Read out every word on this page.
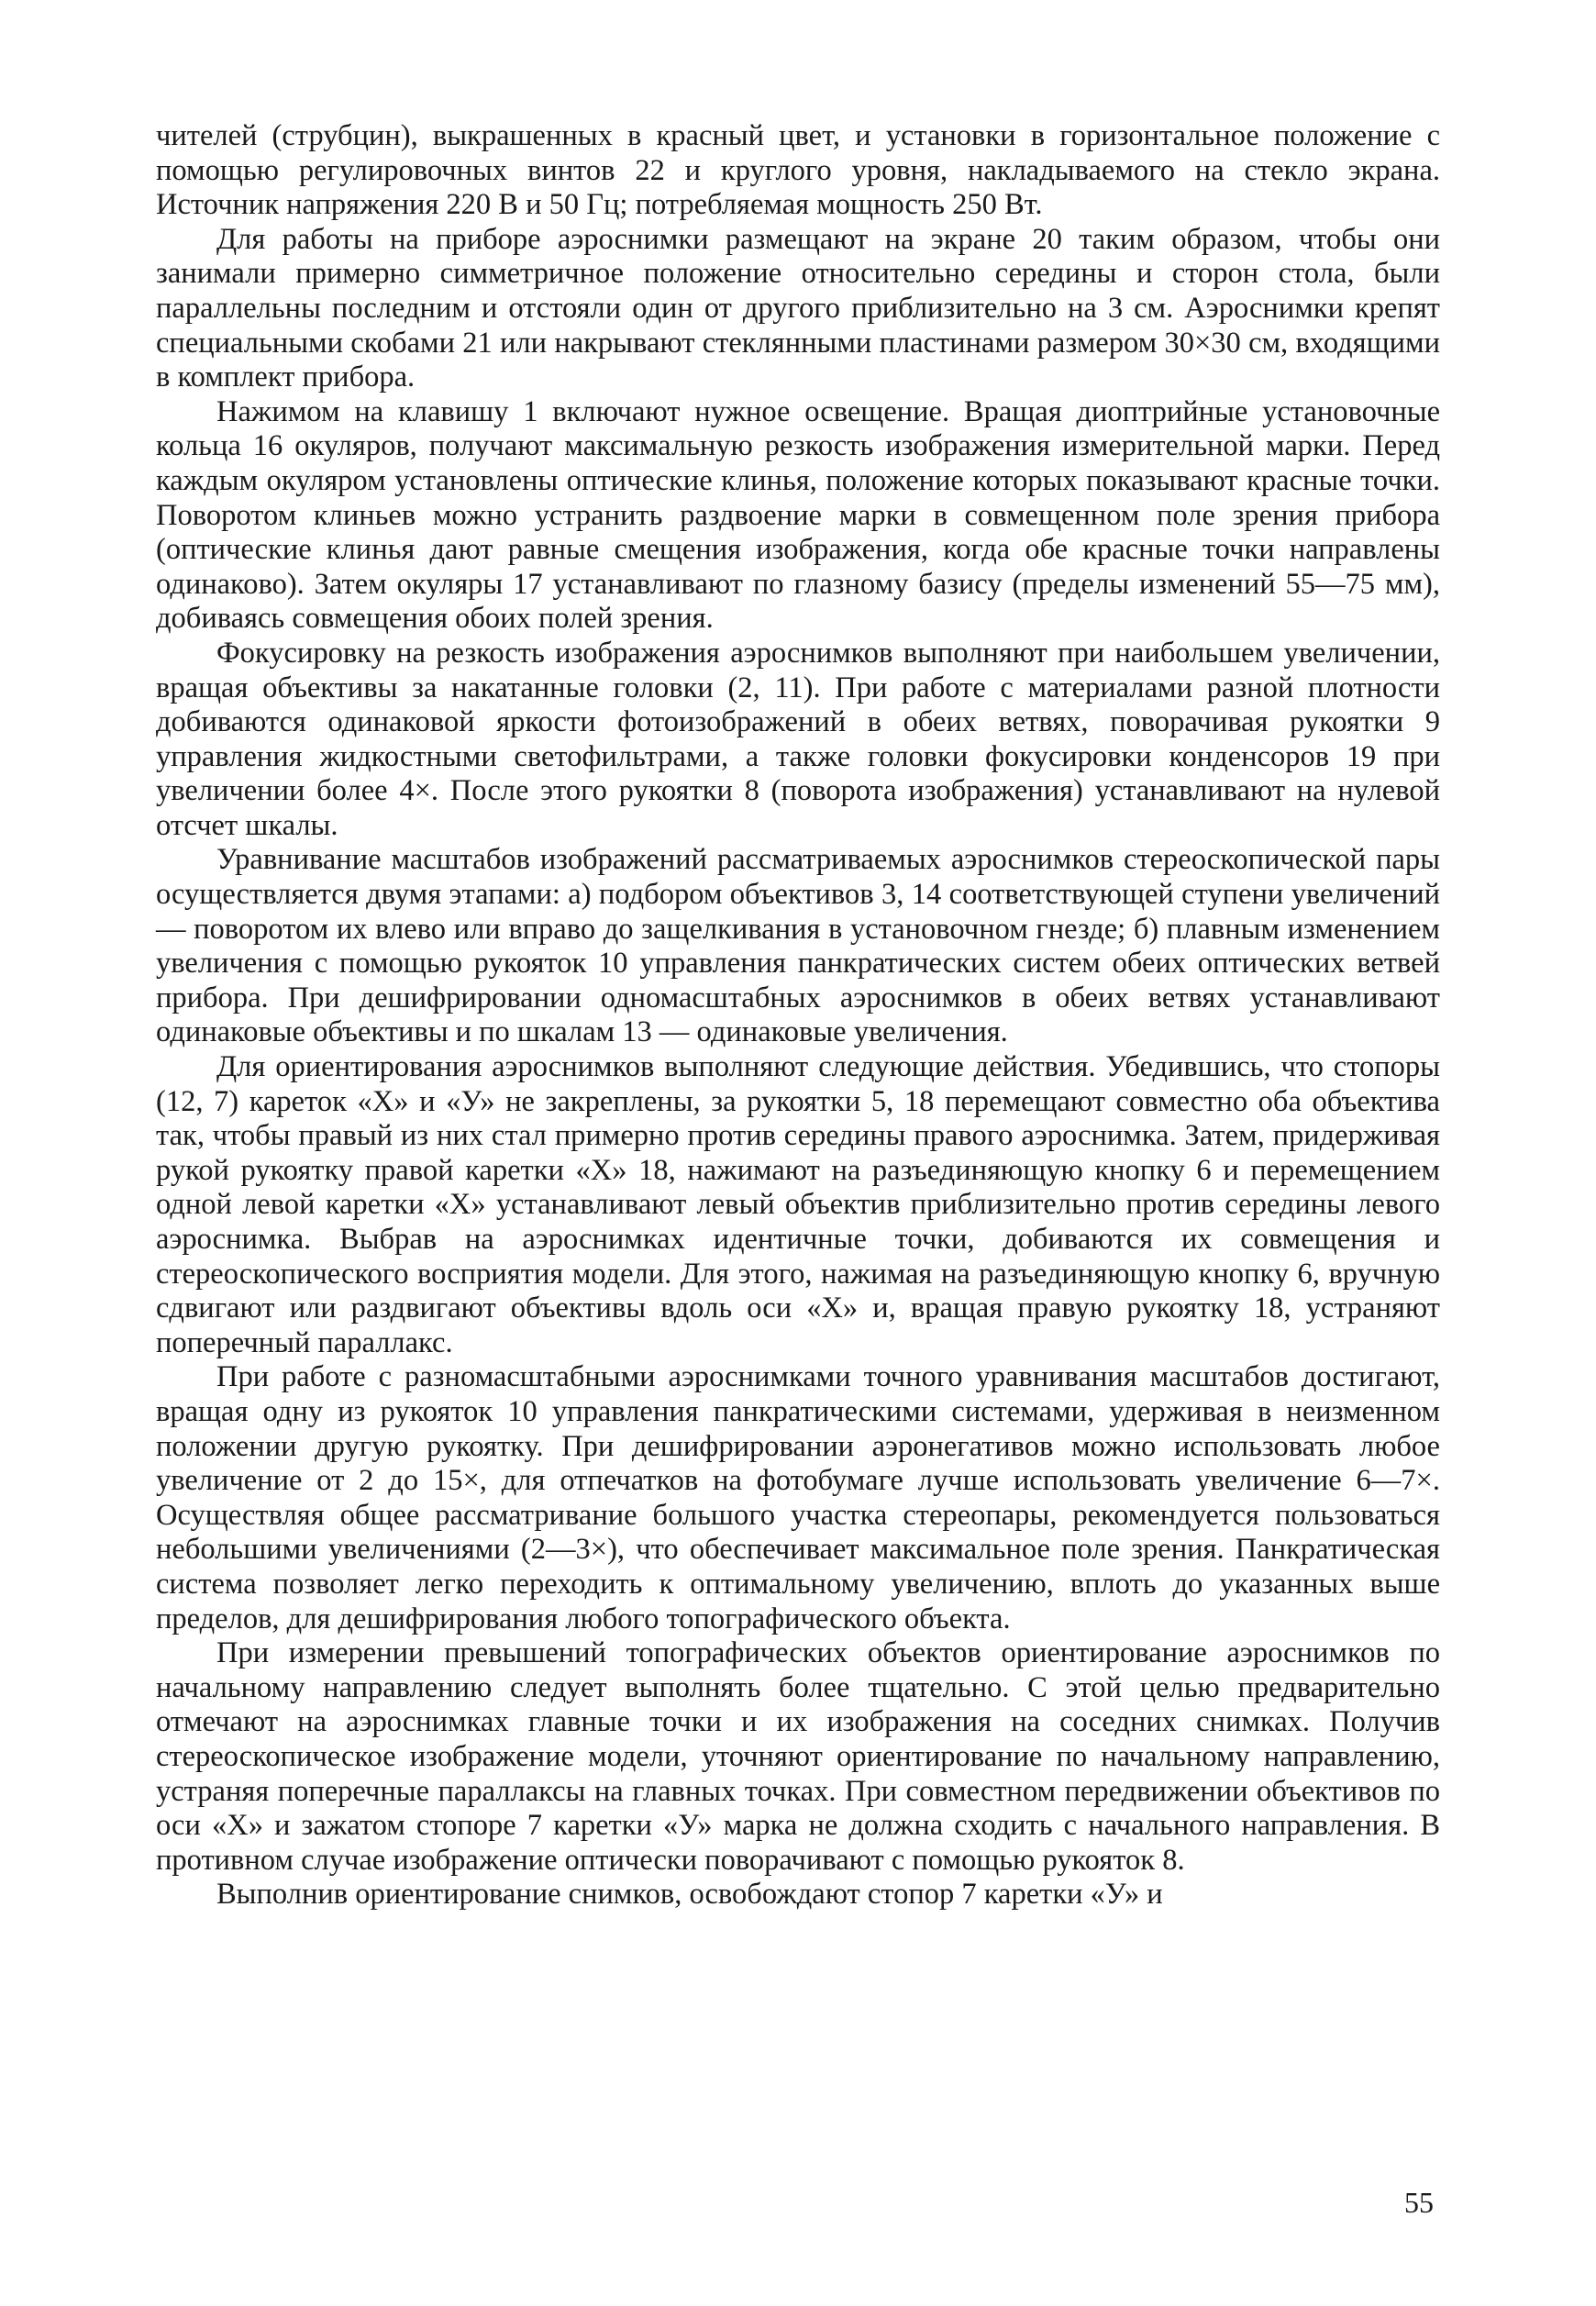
чителей (струбцин), выкрашенных в красный цвет, и установки в горизонтальное положение с помощью регулировочных винтов 22 и круглого уровня, накладываемого на стекло экрана. Источник напряжения 220 В и 50 Гц; потребляемая мощность 250 Вт.

Для работы на приборе аэроснимки размещают на экране 20 таким образом, чтобы они занимали примерно симметричное положение относительно середины и сторон стола, были параллельны последним и отстояли один от другого приблизительно на 3 см. Аэроснимки крепят специальными скобами 21 или накрывают стеклянными пластинами размером 30×30 см, входящими в комплект прибора.

Нажимом на клавишу 1 включают нужное освещение. Вращая диоптрийные установочные кольца 16 окуляров, получают максимальную резкость изображения измерительной марки. Перед каждым окуляром установлены оптические клинья, положение которых показывают красные точки. Поворотом клиньев можно устранить раздвоение марки в совмещенном поле зрения прибора (оптические клинья дают равные смещения изображения, когда обе красные точки направлены одинаково). Затем окуляры 17 устанавливают по глазному базису (пределы изменений 55—75 мм), добиваясь совмещения обоих полей зрения.

Фокусировку на резкость изображения аэроснимков выполняют при наибольшем увеличении, вращая объективы за накатанные головки (2, 11). При работе с материалами разной плотности добиваются одинаковой яркости фотоизображений в обеих ветвях, поворачивая рукоятки 9 управления жидкостными светофильтрами, а также головки фокусировки конденсоров 19 при увеличении более 4×. После этого рукоятки 8 (поворота изображения) устанавливают на нулевой отсчет шкалы.

Уравнивание масштабов изображений рассматриваемых аэроснимков стереоскопической пары осуществляется двумя этапами: а) подбором объективов 3, 14 соответствующей ступени увеличений — поворотом их влево или вправо до защелкивания в установочном гнезде; б) плавным изменением увеличения с помощью рукояток 10 управления панкратических систем обеих оптических ветвей прибора. При дешифрировании одномасштабных аэроснимков в обеих ветвях устанавливают одинаковые объективы и по шкалам 13 — одинаковые увеличения.

Для ориентирования аэроснимков выполняют следующие действия. Убедившись, что стопоры (12, 7) кареток «X» и «У» не закреплены, за рукоятки 5, 18 перемещают совместно оба объектива так, чтобы правый из них стал примерно против середины правого аэроснимка. Затем, придерживая рукой рукоятку правой каретки «X» 18, нажимают на разъединяющую кнопку 6 и перемещением одной левой каретки «X» устанавливают левый объектив приблизительно против середины левого аэроснимка. Выбрав на аэроснимках идентичные точки, добиваются их совмещения и стереоскопического восприятия модели. Для этого, нажимая на разъединяющую кнопку 6, вручную сдвигают или раздвигают объективы вдоль оси «X» и, вращая правую рукоятку 18, устраняют поперечный параллакс.

При работе с разномасштабными аэроснимками точного уравнивания масштабов достигают, вращая одну из рукояток 10 управления панкратическими системами, удерживая в неизменном положении другую рукоятку. При дешифрировании аэронегативов можно использовать любое увеличение от 2 до 15×, для отпечатков на фотобумаге лучше использовать увеличение 6—7×. Осуществляя общее рассматривание большого участка стереопары, рекомендуется пользоваться небольшими увеличениями (2—3×), что обеспечивает максимальное поле зрения. Панкратическая система позволяет легко переходить к оптимальному увеличению, вплоть до указанных выше пределов, для дешифрирования любого топографического объекта.

При измерении превышений топографических объектов ориентирование аэроснимков по начальному направлению следует выполнять более тщательно. С этой целью предварительно отмечают на аэроснимках главные точки и их изображения на соседних снимках. Получив стереоскопическое изображение модели, уточняют ориентирование по начальному направлению, устраняя поперечные параллаксы на главных точках. При совместном передвижении объективов по оси «X» и зажатом стопоре 7 каретки «У» марка не должна сходить с начального направления. В противном случае изображение оптически поворачивают с помощью рукояток 8.

Выполнив ориентирование снимков, освобождают стопор 7 каретки «У» и

55
